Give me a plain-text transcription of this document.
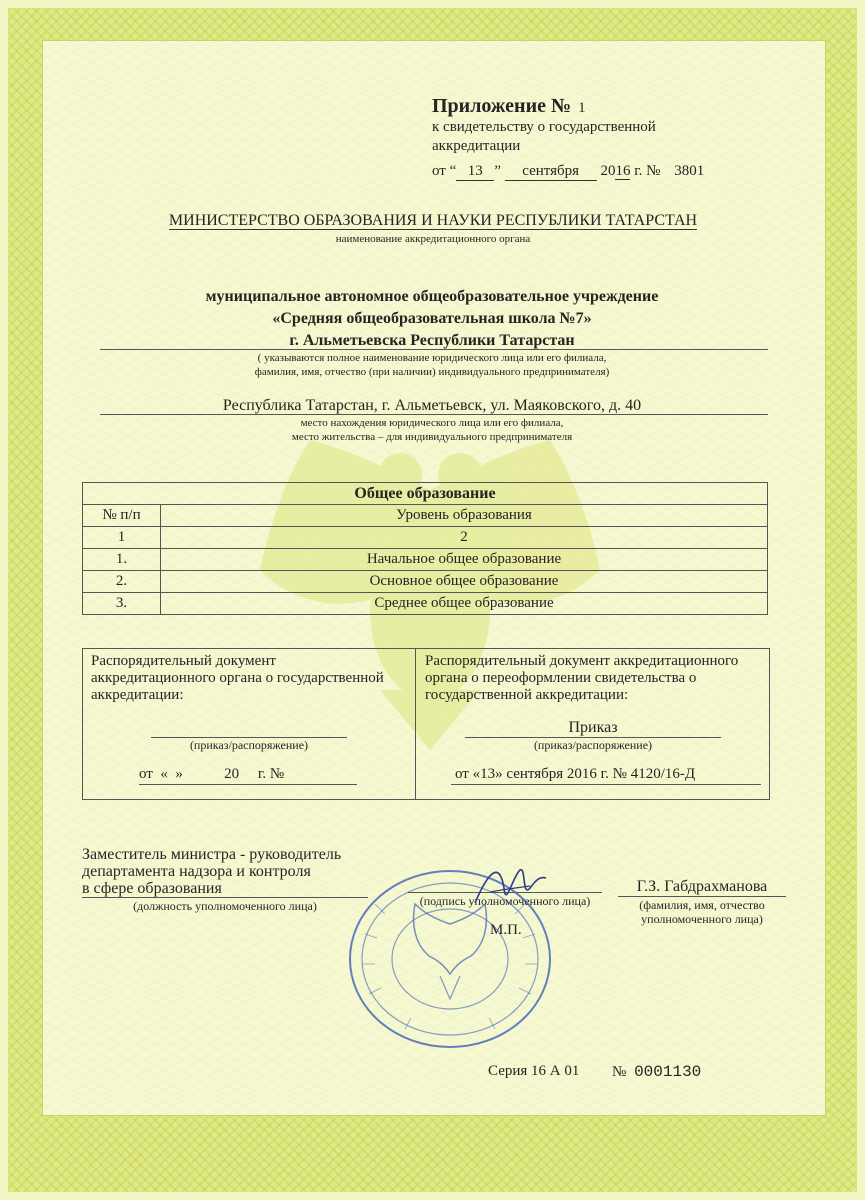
Приложение № 1
к свидетельству о государственной
аккредитации
от “ 13 ” сентября 2016 г. № 3801
МИНИСТЕРСТВО ОБРАЗОВАНИЯ И НАУКИ РЕСПУБЛИКИ ТАТАРСТАН
наименование аккредитационного органа
муниципальное автономное общеобразовательное учреждение
«Средняя общеобразовательная школа №7»
г. Альметьевска Республики Татарстан
( указываются полное наименование юридического лица или его филиала,
фамилия, имя, отчество (при наличии) индивидуального предпринимателя)
Республика Татарстан, г. Альметьевск, ул. Маяковского, д. 40
место нахождения юридического лица или его филиала,
место жительства – для индивидуального предпринимателя
Общее образование	
№ п/п	Уровень образования
1	2
1.	Начальное общее образование
2.	Основное общее образование
3.	Среднее общее образование
Распорядительный документ
аккредитационного органа о государственной
аккредитации:
(приказ/распоряжение)
от  «  »           20     г. №
Распорядительный документ аккредитационного
органа о переоформлении свидетельства о
государственной аккредитации:
Приказ
(приказ/распоряжение)
от «13» сентября 2016 г. № 4120/16-Д
Заместитель министра - руководитель
департамента надзора и контроля
в сфере образования
(должность уполномоченного лица)	(подпись уполномоченного лица)
Г.З. Габдрахманова
(фамилия, имя, отчество
уполномоченного лица)
М.П.
Серия 16 А 01 № 0001130
